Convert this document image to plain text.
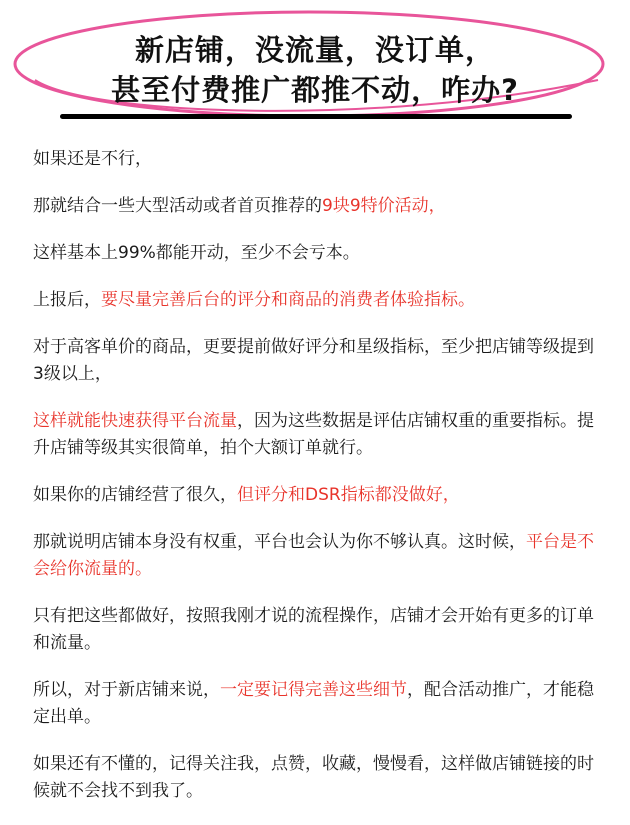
新店铺，没流量，没订单，
甚至付费推广都推不动，咋办?

如果还是不行，

那就结合一些大型活动或者首页推荐的9块9特价活动，

这样基本上99%都能开动，至少不会亏本。

上报后，要尽量完善后台的评分和商品的消费者体验指标。

对于高客单价的商品，更要提前做好评分和星级指标，至少把店铺等级提到3级以上，

这样就能快速获得平台流量，因为这些数据是评估店铺权重的重要指标。提升店铺等级其实很简单，拍个大额订单就行。

如果你的店铺经营了很久，但评分和DSR指标都没做好，

那就说明店铺本身没有权重，平台也会认为你不够认真。这时候，平台是不会给你流量的。

只有把这些都做好，按照我刚才说的流程操作，店铺才会开始有更多的订单和流量。

所以，对于新店铺来说，一定要记得完善这些细节，配合活动推广，才能稳定出单。

如果还有不懂的，记得关注我，点赞，收藏，慢慢看，这样做店铺链接的时候就不会找不到我了。
